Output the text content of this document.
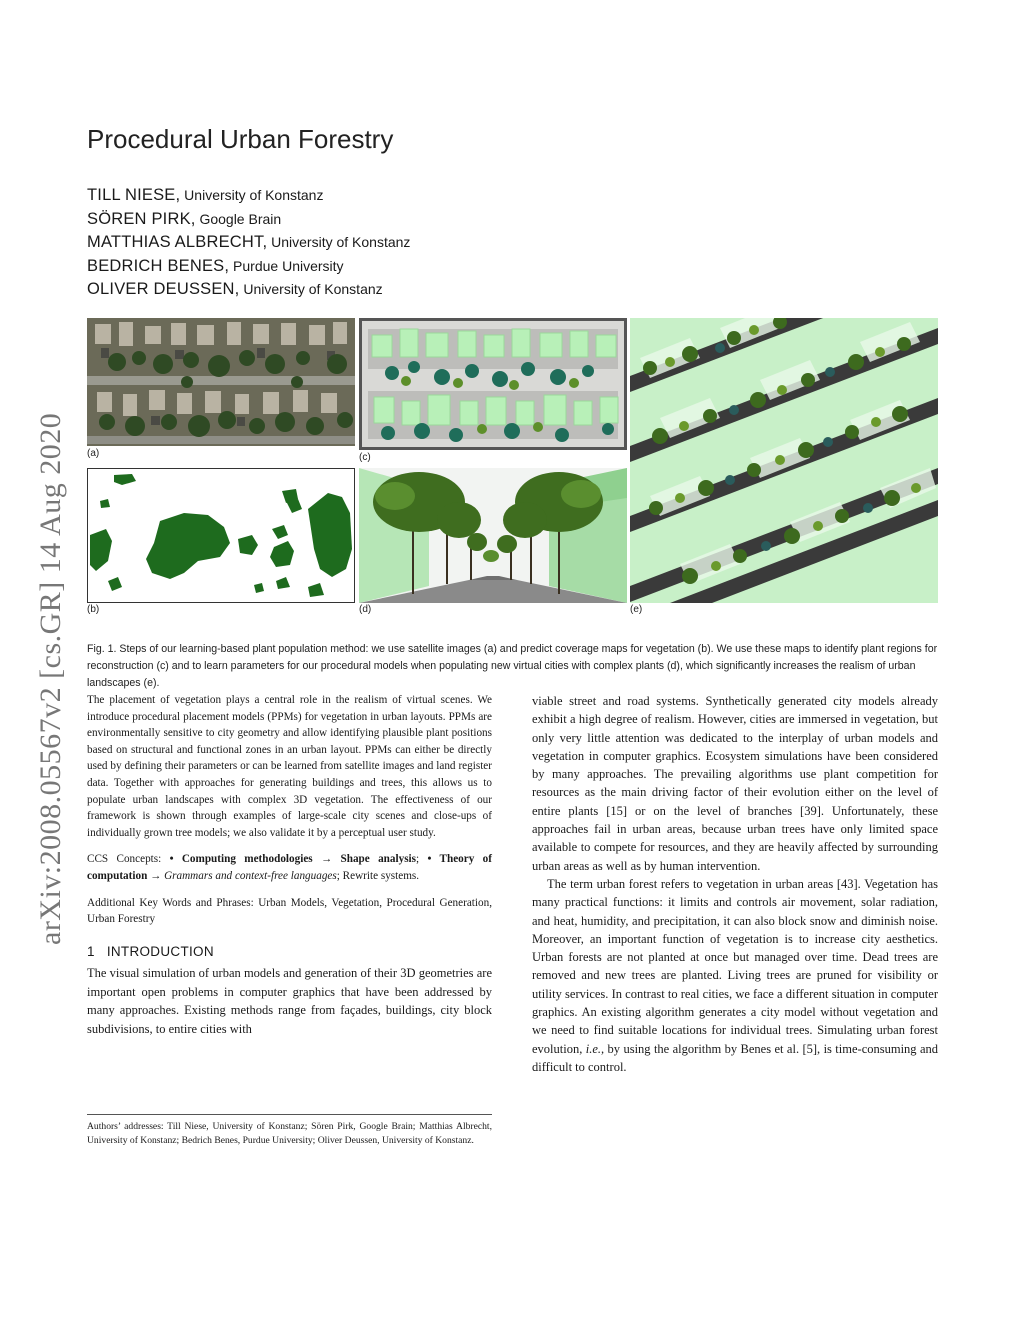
arXiv:2008.05567v2 [cs.GR] 14 Aug 2020
Procedural Urban Forestry
TILL NIESE, University of Konstanz
SÖREN PIRK, Google Brain
MATTHIAS ALBRECHT, University of Konstanz
BEDRICH BENES, Purdue University
OLIVER DEUSSEN, University of Konstanz
(a)
(b)
(c)
(d)	(e)

Fig. 1. Steps of our learning-based plant population method: we use satellite images (a) and predict coverage maps for vegetation (b). We use these maps to identify plant regions for reconstruction (c) and to learn parameters for our procedural models when populating new virtual cities with complex plants (d), which significantly increases the realism of urban landscapes (e).

The placement of vegetation plays a central role in the realism of virtual scenes. We introduce procedural placement models (PPMs) for vegetation in urban layouts. PPMs are environmentally sensitive to city geometry and allow identifying plausible plant positions based on structural and functional zones in an urban layout. PPMs can either be directly used by defining their parameters or can be learned from satellite images and land register data. Together with approaches for generating buildings and trees, this allows us to populate urban landscapes with complex 3D vegetation. The effectiveness of our framework is shown through examples of large-scale city scenes and close-ups of individually grown tree models; we also validate it by a perceptual user study.

CCS Concepts: • Computing methodologies → Shape analysis; • Theory of computation → Grammars and context-free languages; Rewrite systems.

Additional Key Words and Phrases: Urban Models, Vegetation, Procedural Generation, Urban Forestry

1 INTRODUCTION

The visual simulation of urban models and generation of their 3D geometries are important open problems in computer graphics that have been addressed by many approaches. Existing methods range from façades, buildings, city block subdivisions, to entire cities with

Authors’ addresses: Till Niese, University of Konstanz; Sören Pirk, Google Brain; Matthias Albrecht, University of Konstanz; Bedrich Benes, Purdue University; Oliver Deussen, University of Konstanz.

viable street and road systems. Synthetically generated city models already exhibit a high degree of realism. However, cities are immersed in vegetation, but only very little attention was dedicated to the interplay of urban models and vegetation in computer graphics. Ecosystem simulations have been considered by many approaches. The prevailing algorithms use plant competition for resources as the main driving factor of their evolution either on the level of entire plants [15] or on the level of branches [39]. Unfortunately, these approaches fail in urban areas, because urban trees have only limited space available to compete for resources, and they are heavily affected by surrounding urban areas as well as by human intervention.

The term urban forest refers to vegetation in urban areas [43]. Vegetation has many practical functions: it limits and controls air movement, solar radiation, and heat, humidity, and precipitation, it can also block snow and diminish noise. Moreover, an important function of vegetation is to increase city aesthetics. Urban forests are not planted at once but managed over time. Dead trees are removed and new trees are planted. Living trees are pruned for visibility or utility services. In contrast to real cities, we face a different situation in computer graphics. An existing algorithm generates a city model without vegetation and we need to find suitable locations for individual trees. Simulating urban forest evolution, i.e., by using the algorithm by Benes et al. [5], is time-consuming and difficult to control.
